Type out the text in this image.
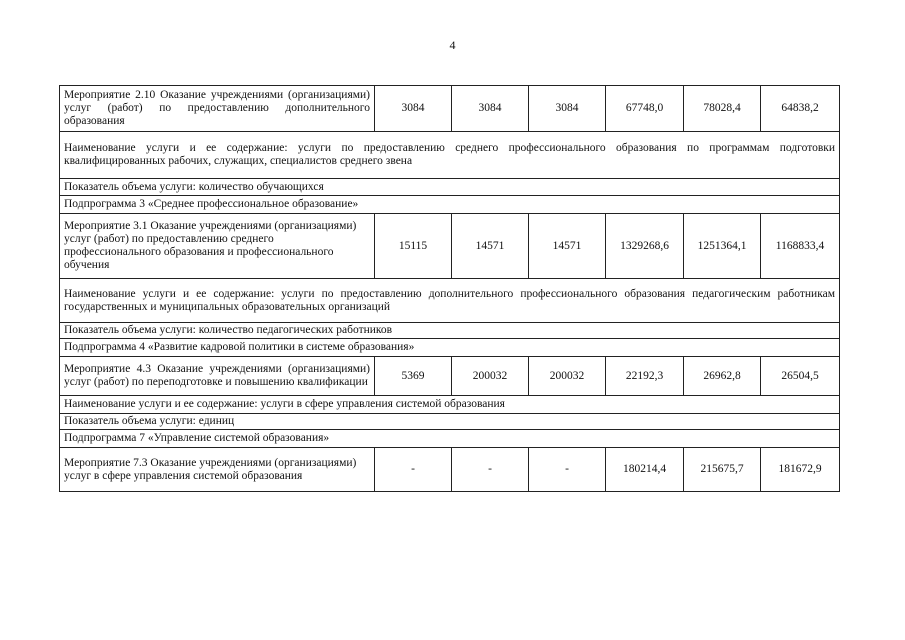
4
Мероприятие 2.10 Оказание учреждениями (организациями) услуг (работ) по предоставлению дополнительного образования	3084	3084	3084	67748,0	78028,4	64838,2
Наименование услуги и ее содержание: услуги по предоставлению среднего профессионального образования по программам подготовки квалифицированных рабочих, служащих, специалистов среднего звена						
Показатель объема услуги: количество обучающихся						
Подпрограмма 3 «Среднее профессиональное образование»						
Мероприятие 3.1 Оказание учреждениями (организациями) услуг (работ) по предоставлению среднего профессионального образования и профессионального обучения	15115	14571	14571	1329268,6	1251364,1	1168833,4
Наименование услуги и ее содержание: услуги по предоставлению дополнительного профессионального образования педагогическим работникам государственных и муниципальных образовательных организаций						
Показатель объема услуги: количество педагогических работников						
Подпрограмма 4 «Развитие кадровой политики в системе образования»						
Мероприятие 4.3 Оказание учреждениями (организациями) услуг (работ) по переподготовке и повышению квалификации	5369	200032	200032	22192,3	26962,8	26504,5
Наименование услуги и ее содержание: услуги в сфере управления системой образования						
Показатель объема услуги: единиц						
Подпрограмма 7 «Управление системой образования»						
Мероприятие 7.3 Оказание учреждениями (организациями) услуг в сфере управления системой образования	-	-	-	180214,4	215675,7	181672,9
